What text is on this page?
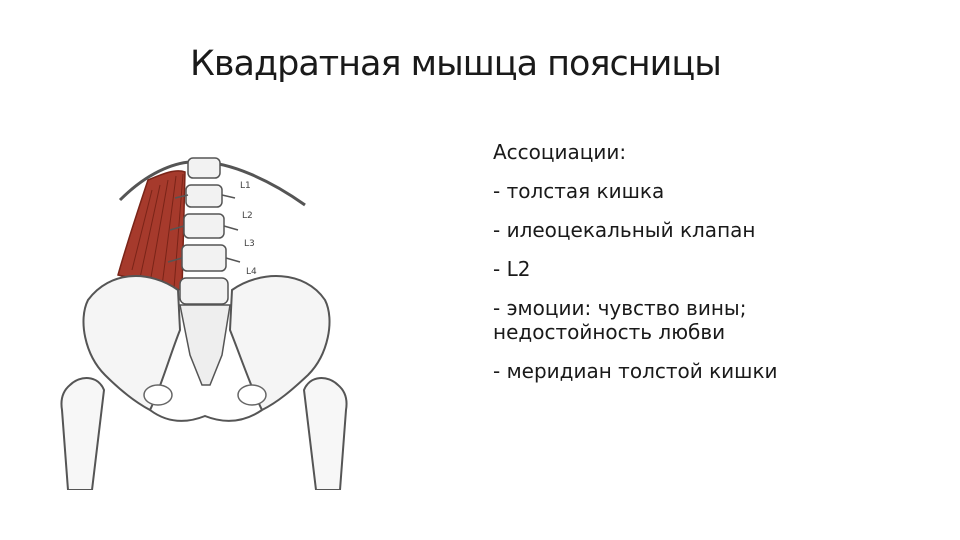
Квадратная мышца поясницы
L1
L2
L3
L4
Ассоциации:
- толстая кишка
- илеоцекальный клапан
- L2
- эмоции: чувство вины;
недостойность любви
- меридиан толстой кишки
